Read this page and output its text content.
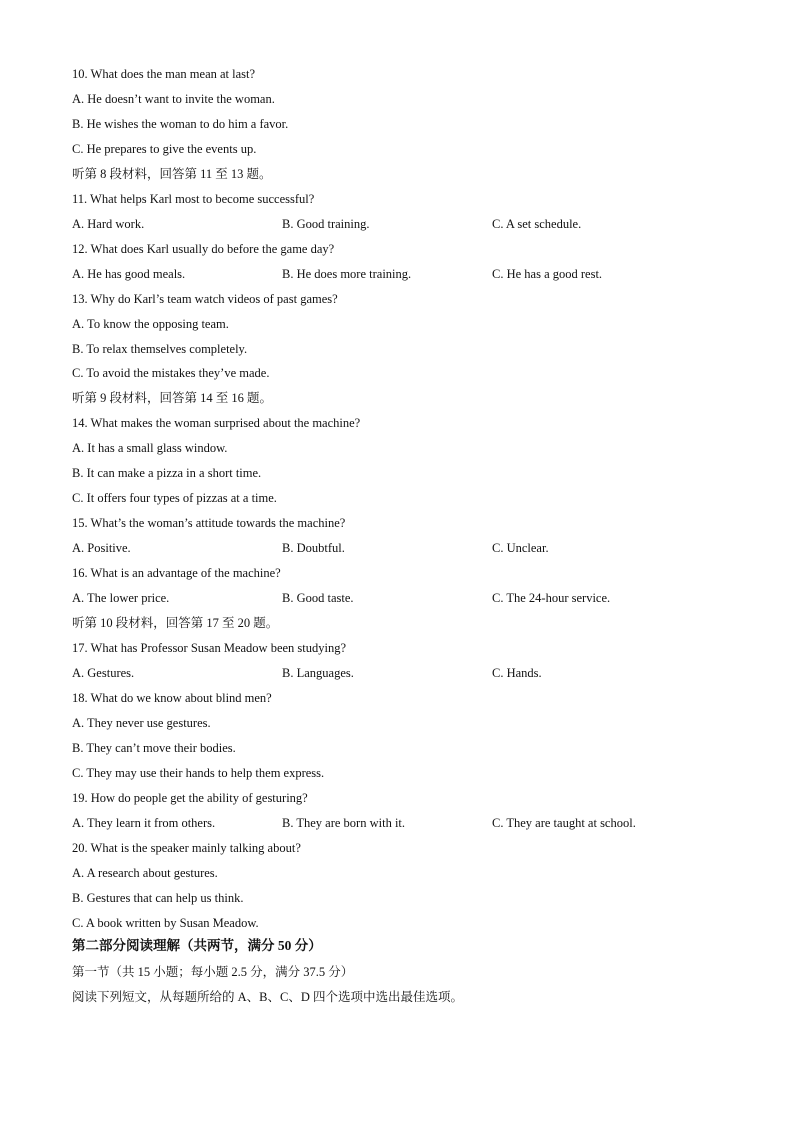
10. What does the man mean at last?
A. He doesn’t want to invite the woman.
B. He wishes the woman to do him a favor.
C. He prepares to give the events up.
听第 8 段材料，回答第 11 至 13 题。
11. What helps Karl most to become successful?
A. Hard work.	B. Good training.	C. A set schedule.
12. What does Karl usually do before the game day?
A. He has good meals.	B. He does more training.	C. He has a good rest.
13. Why do Karl’s team watch videos of past games?
A. To know the opposing team.
B. To relax themselves completely.
C. To avoid the mistakes they’ve made.
听第 9 段材料，回答第 14 至 16 题。
14. What makes the woman surprised about the machine?
A. It has a small glass window.
B. It can make a pizza in a short time.
C. It offers four types of pizzas at a time.
15. What’s the woman’s attitude towards the machine?
A. Positive.	B. Doubtful.	C. Unclear.
16. What is an advantage of the machine?
A. The lower price.	B. Good taste.	C. The 24-hour service.
听第 10 段材料，回答第 17 至 20 题。
17. What has Professor Susan Meadow been studying?
A. Gestures.	B. Languages.	C. Hands.
18. What do we know about blind men?
A. They never use gestures.
B. They can’t move their bodies.
C. They may use their hands to help them express.
19. How do people get the ability of gesturing?
A. They learn it from others.	B. They are born with it.	C. They are taught at school.
20. What is the speaker mainly talking about?
A. A research about gestures.
B. Gestures that can help us think.
C. A book written by Susan Meadow.
第二部分阅读理解（共两节，满分 50 分）
第一节（共 15 小题；每小题 2.5 分，满分 37.5 分）
阅读下列短文，从每题所给的 A、B、C、D 四个选项中选出最佳选项。
